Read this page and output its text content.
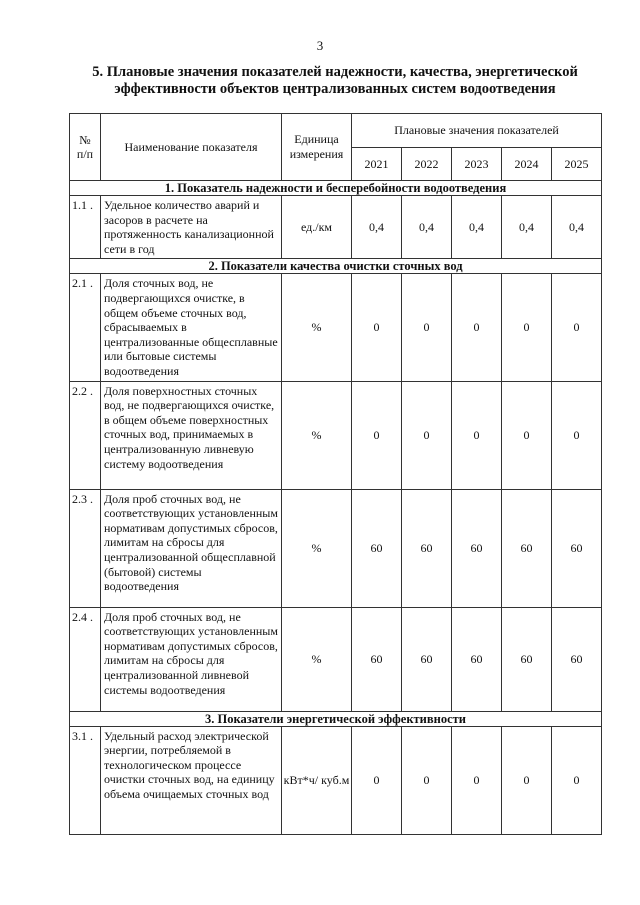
3
5. Плановые значения показателей надежности, качества, энергетической эффективности объектов централизованных систем водоотведения
№ п/п	Наименование показателя	Единица измерения	Плановые значения показателей				
			2021	2022	2023	2024	2025
1. Показатель надежности и бесперебойности водоотведения							
1.1 .	Удельное количество аварий и засоров в расчете на протяженность канализационной сети в год	ед./км	0,4	0,4	0,4	0,4	0,4
2. Показатели качества очистки сточных вод							
2.1 .	Доля сточных вод, не подвергающихся очистке, в общем объеме сточных вод, сбрасываемых в централизованные общесплавные или бытовые системы водоотведения	%	0	0	0	0	0
2.2 .	Доля поверхностных сточных вод, не подвергающихся очистке, в общем объеме поверхностных сточных вод, принимаемых в централизованную ливневую систему водоотведения	%	0	0	0	0	0
2.3 .	Доля проб сточных вод, не соответствующих установленным нормативам допустимых сбросов, лимитам на сбросы для централизованной общесплавной (бытовой) системы водоотведения	%	60	60	60	60	60
2.4 .	Доля проб сточных вод, не соответствующих установленным нормативам допустимых сбросов, лимитам на сбросы для централизованной ливневой системы водоотведения	%	60	60	60	60	60
3. Показатели энергетической эффективности							
3.1 .	Удельный расход электрической энергии, потребляемой в технологическом процессе очистки сточных вод, на единицу объема очищаемых сточных вод	кВт*ч/ куб.м	0	0	0	0	0
